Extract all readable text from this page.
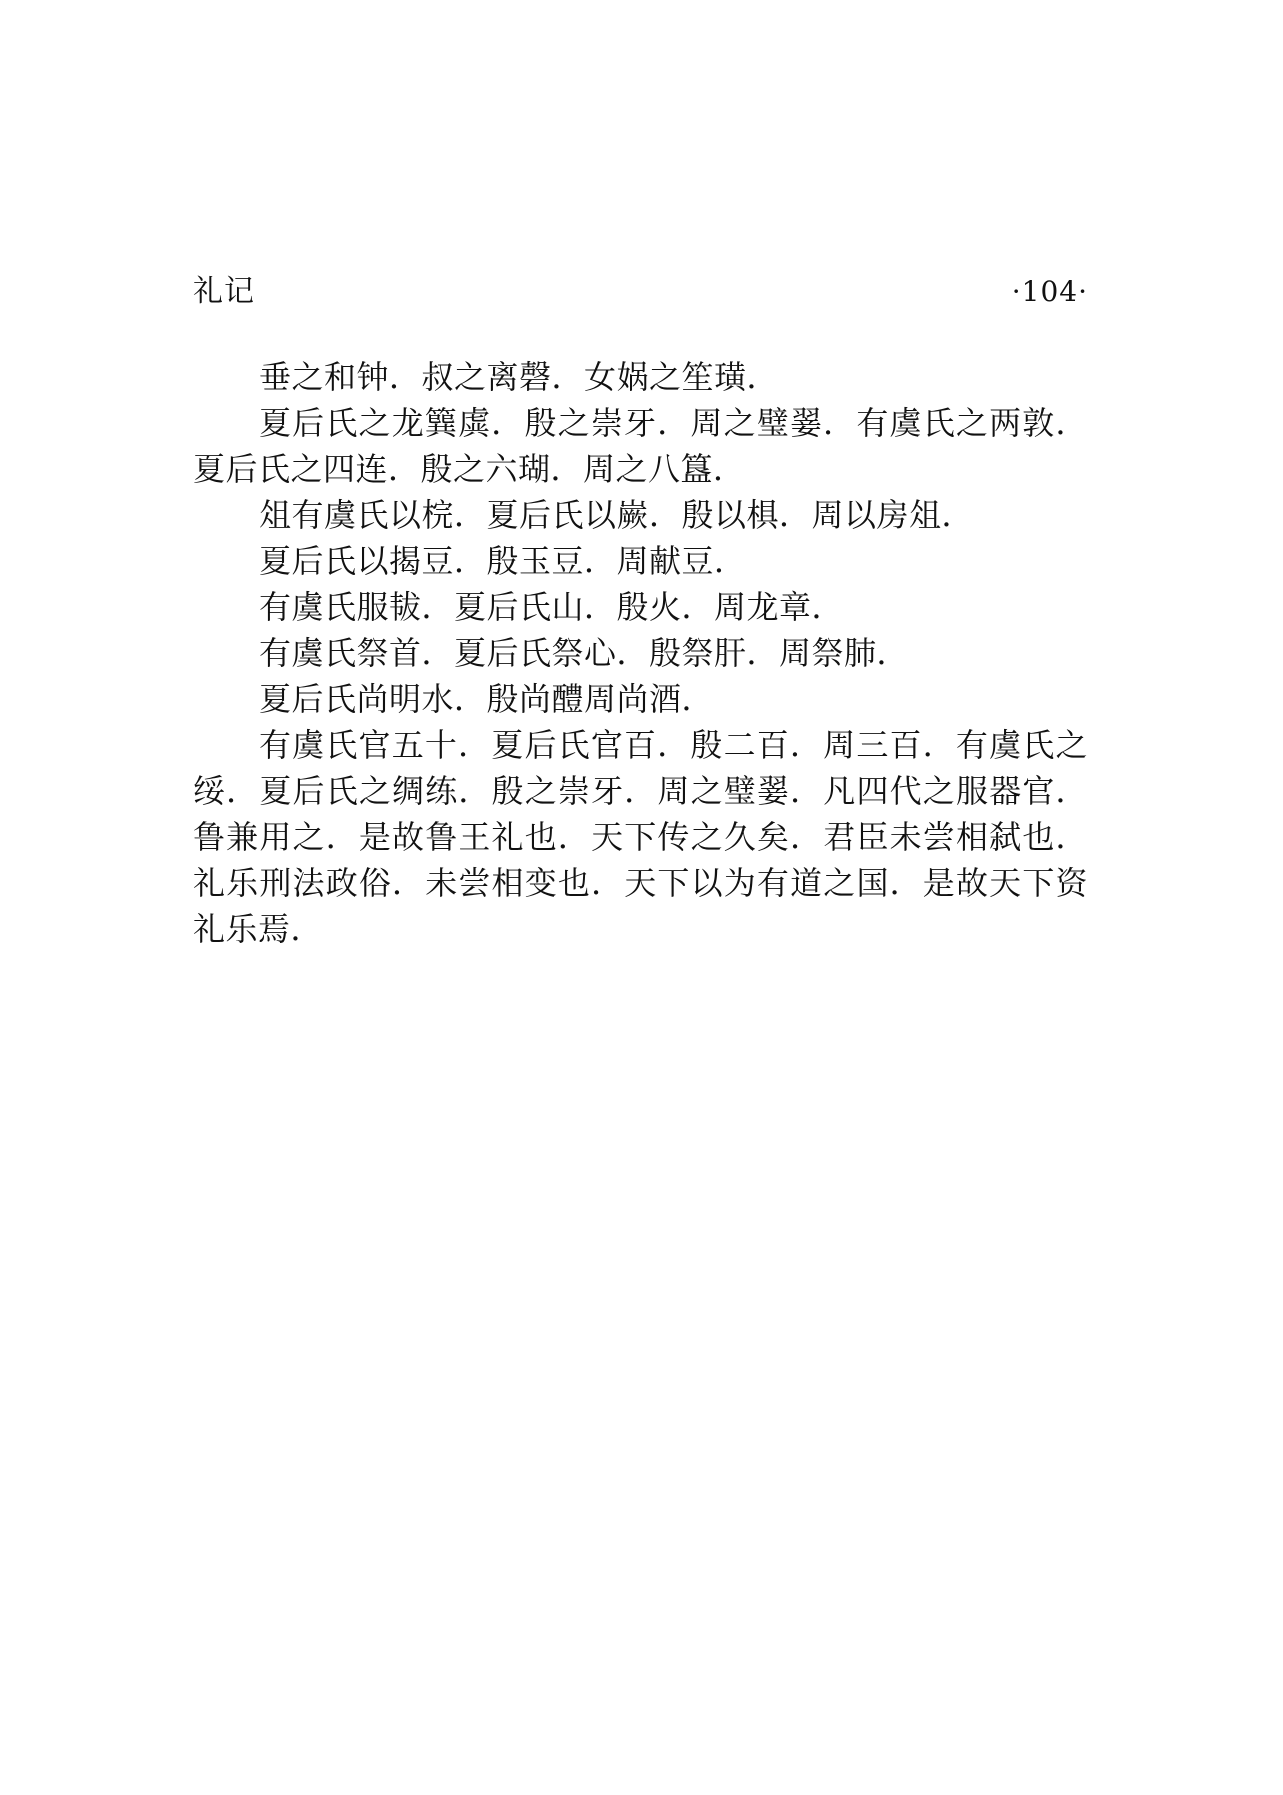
礼记	·104·

垂之和钟．叔之离磬．女娲之笙璜．

夏后氏之龙簨虡．殷之崇牙．周之璧翣．有虞氏之两敦．夏后氏之四连．殷之六瑚．周之八簋．

俎有虞氏以梡．夏后氏以嶡．殷以椇．周以房俎．

夏后氏以揭豆．殷玉豆．周献豆．

有虞氏服韨．夏后氏山．殷火．周龙章．

有虞氏祭首．夏后氏祭心．殷祭肝．周祭肺．

夏后氏尚明水．殷尚醴周尚酒．

有虞氏官五十．夏后氏官百．殷二百．周三百．有虞氏之绥．夏后氏之绸练．殷之崇牙．周之璧翣．凡四代之服器官．鲁兼用之．是故鲁王礼也．天下传之久矣．君臣未尝相弑也．礼乐刑法政俗．未尝相变也．天下以为有道之国．是故天下资礼乐焉．
